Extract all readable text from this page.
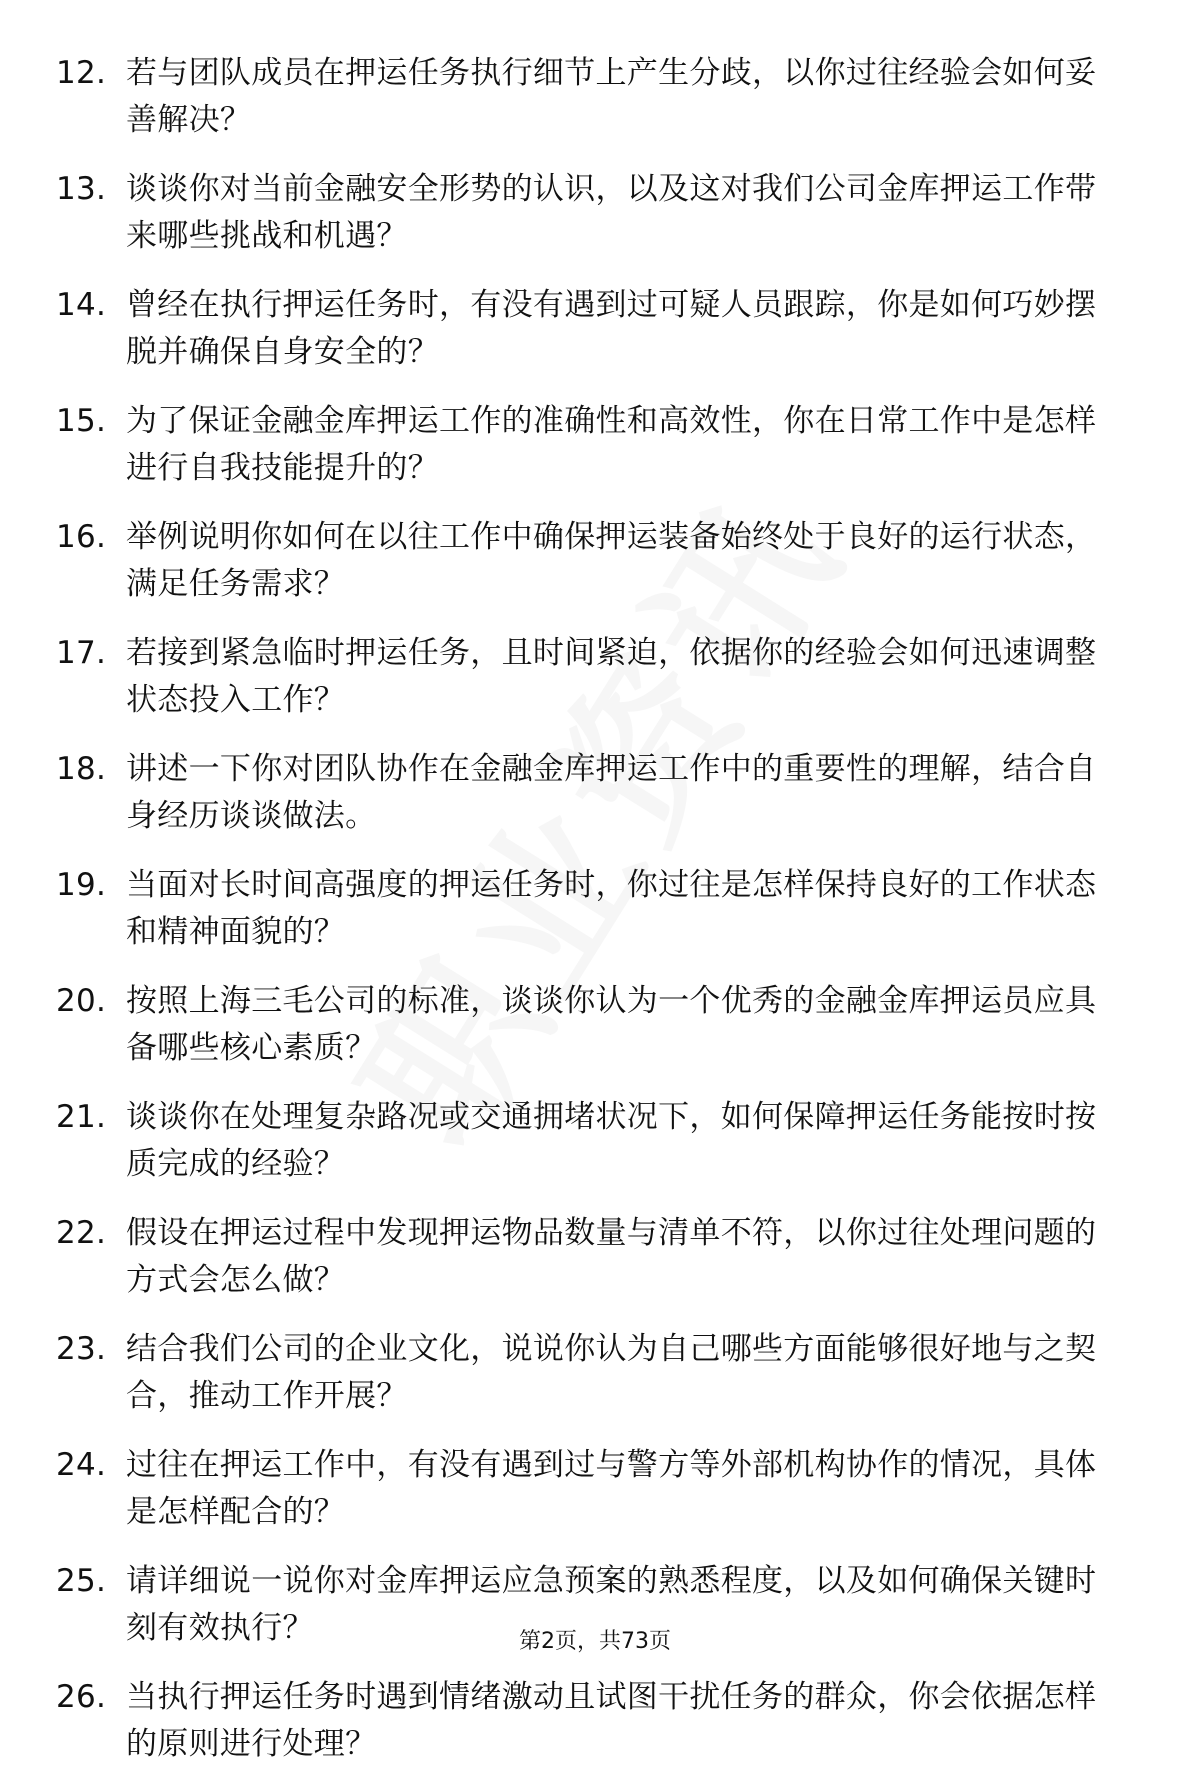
12. 若与团队成员在押运任务执行细节上产生分歧，以你过往经验会如何妥善解决？
13. 谈谈你对当前金融安全形势的认识，以及这对我们公司金库押运工作带来哪些挑战和机遇？
14. 曾经在执行押运任务时，有没有遇到过可疑人员跟踪，你是如何巧妙摆脱并确保自身安全的？
15. 为了保证金融金库押运工作的准确性和高效性，你在日常工作中是怎样进行自我技能提升的？
16. 举例说明你如何在以往工作中确保押运装备始终处于良好的运行状态，满足任务需求？
17. 若接到紧急临时押运任务，且时间紧迫，依据你的经验会如何迅速调整状态投入工作？
18. 讲述一下你对团队协作在金融金库押运工作中的重要性的理解，结合自身经历谈谈做法。
19. 当面对长时间高强度的押运任务时，你过往是怎样保持良好的工作状态和精神面貌的？
20. 按照上海三毛公司的标准，谈谈你认为一个优秀的金融金库押运员应具备哪些核心素质？
21. 谈谈你在处理复杂路况或交通拥堵状况下，如何保障押运任务能按时按质完成的经验？
22. 假设在押运过程中发现押运物品数量与清单不符，以你过往处理问题的方式会怎么做？
23. 结合我们公司的企业文化，说说你认为自己哪些方面能够很好地与之契合，推动工作开展？
24. 过往在押运工作中，有没有遇到过与警方等外部机构协作的情况，具体是怎样配合的？
25. 请详细说一说你对金库押运应急预案的熟悉程度，以及如何确保关键时刻有效执行？
26. 当执行押运任务时遇到情绪激动且试图干扰任务的群众，你会依据怎样的原则进行处理？
第2页，共73页
